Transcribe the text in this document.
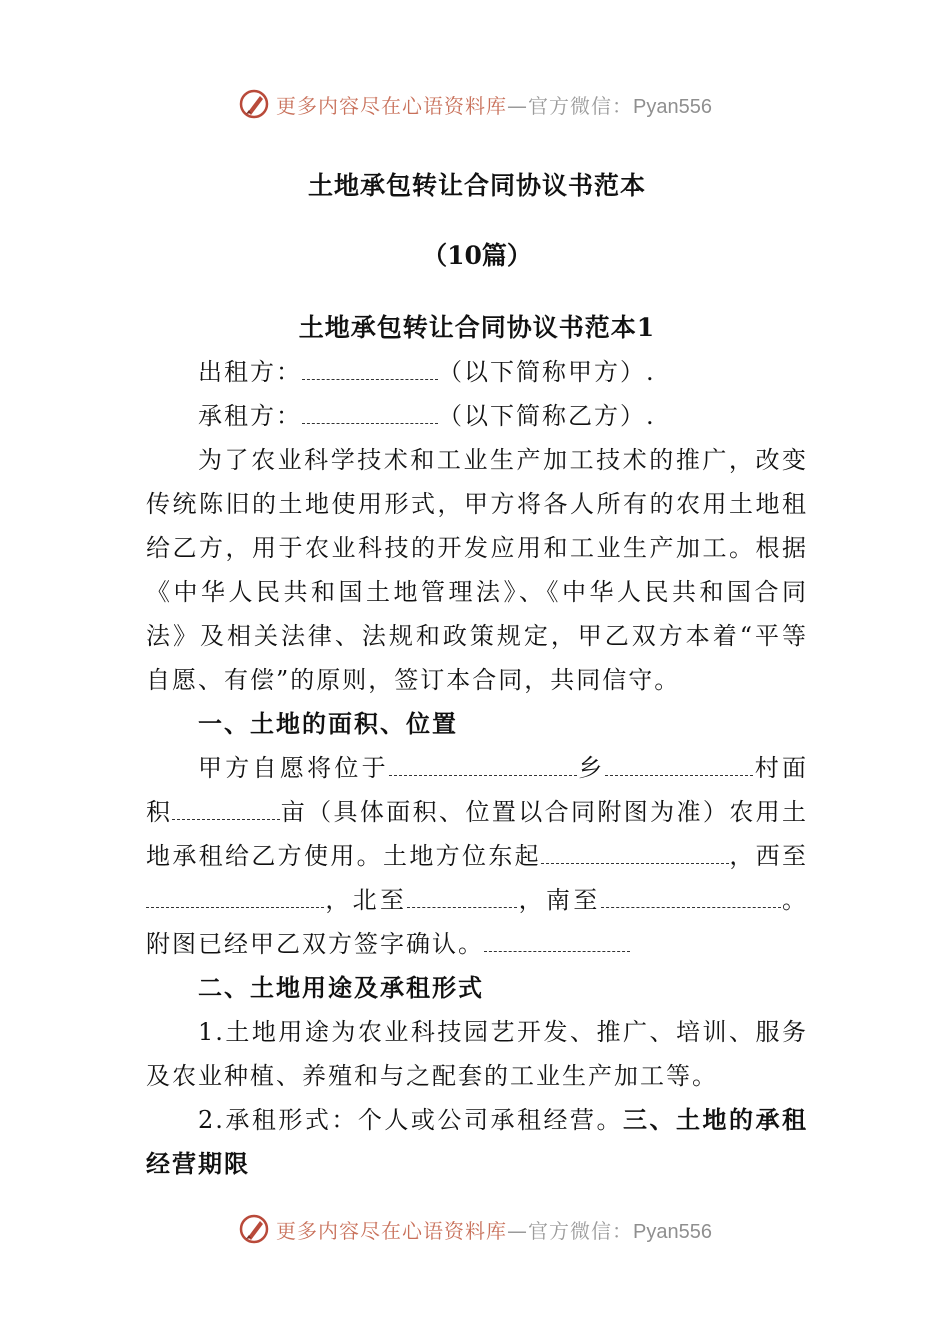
更多内容尽在心语资料库—官方微信：Pyan556
土地承包转让合同协议书范本
（10篇）
土地承包转让合同协议书范本1

出租方：	（以下简称甲方）.

承租方：	（以下简称乙方）.

为了农业科学技术和工业生产加工技术的推广，改变传统陈旧的土地使用形式，甲方将各人所有的农用土地租给乙方，用于农业科技的开发应用和工业生产加工。根据《中华人民共和国土地管理法》、《中华人民共和国合同法》及相关法律、法规和政策规定，甲乙双方本着“平等自愿、有偿”的原则，签订本合同，共同信守。

一、土地的面积、位置

甲方自愿将位于	乡	村面积	亩（具体面积、位置以合同附图为准）农用土地承租给乙方使用。土地方位东起	，西至，北至	，南至	。附图已经甲乙双方签字确认。

二、土地用途及承租形式

1.土地用途为农业科技园艺开发、推广、培训、服务及农业种植、养殖和与之配套的工业生产加工等。

2.承租形式：个人或公司承租经营。三、土地的承租经营期限

更多内容尽在心语资料库—官方微信：Pyan556
